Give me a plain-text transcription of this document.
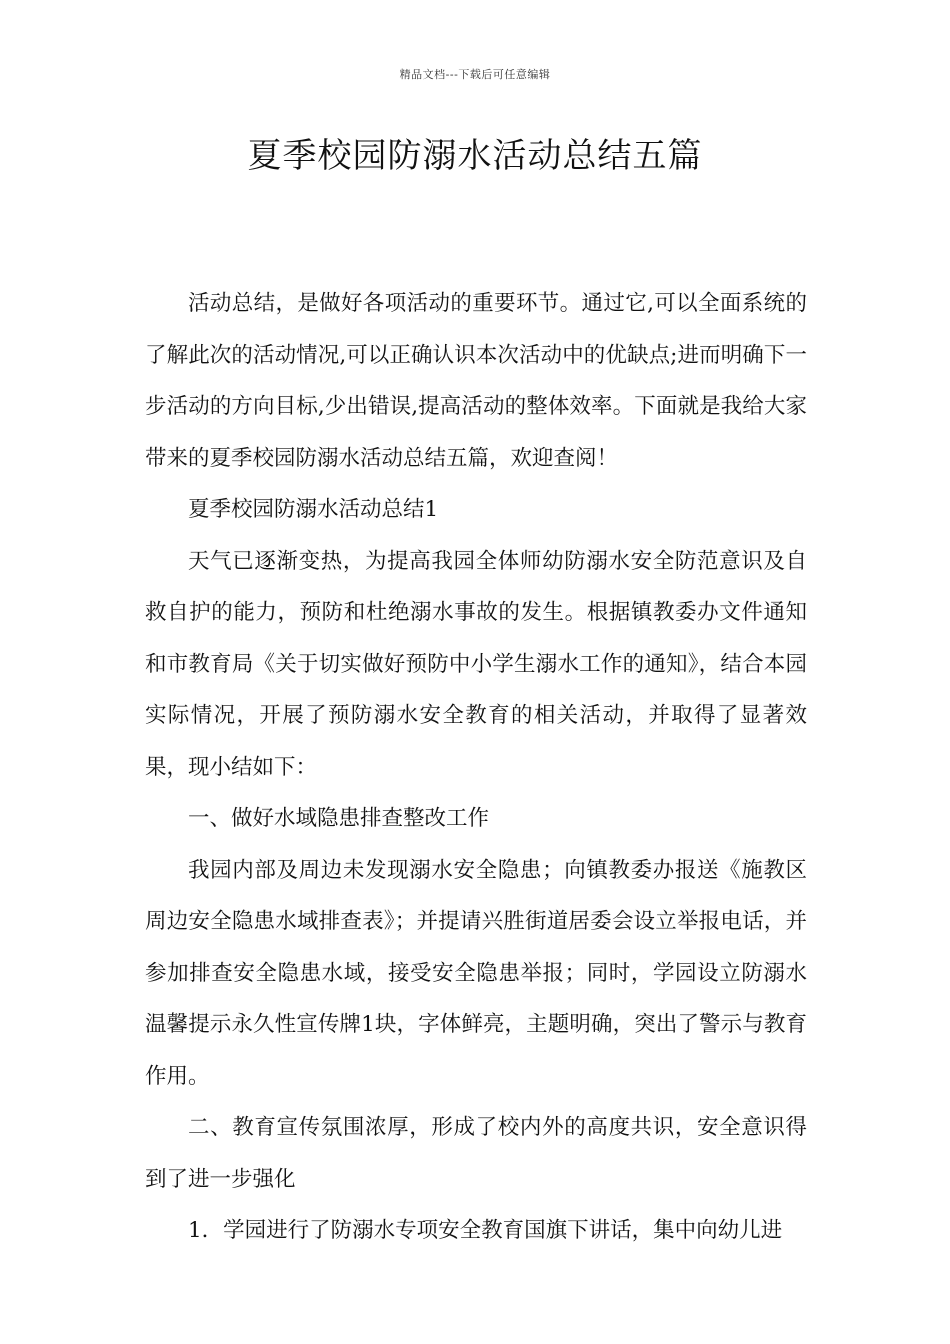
精品文档---下载后可任意编辑
夏季校园防溺水活动总结五篇

活动总结，是做好各项活动的重要环节。通过它,可以全面系统的了解此次的活动情况,可以正确认识本次活动中的优缺点;进而明确下一步活动的方向目标,少出错误,提高活动的整体效率。下面就是我给大家带来的夏季校园防溺水活动总结五篇，欢迎查阅！

夏季校园防溺水活动总结1

天气已逐渐变热，为提高我园全体师幼防溺水安全防范意识及自救自护的能力，预防和杜绝溺水事故的发生。根据镇教委办文件通知和市教育局《关于切实做好预防中小学生溺水工作的通知》，结合本园实际情况，开展了预防溺水安全教育的相关活动，并取得了显著效果，现小结如下：

一、做好水域隐患排查整改工作

我园内部及周边未发现溺水安全隐患；向镇教委办报送《施教区周边安全隐患水域排查表》；并提请兴胜街道居委会设立举报电话，并参加排查安全隐患水域，接受安全隐患举报；同时，学园设立防溺水温馨提示永久性宣传牌1块，字体鲜亮，主题明确，突出了警示与教育作用。

二、教育宣传氛围浓厚，形成了校内外的高度共识，安全意识得到了进一步强化

1．学园进行了防溺水专项安全教育国旗下讲话，集中向幼儿进
